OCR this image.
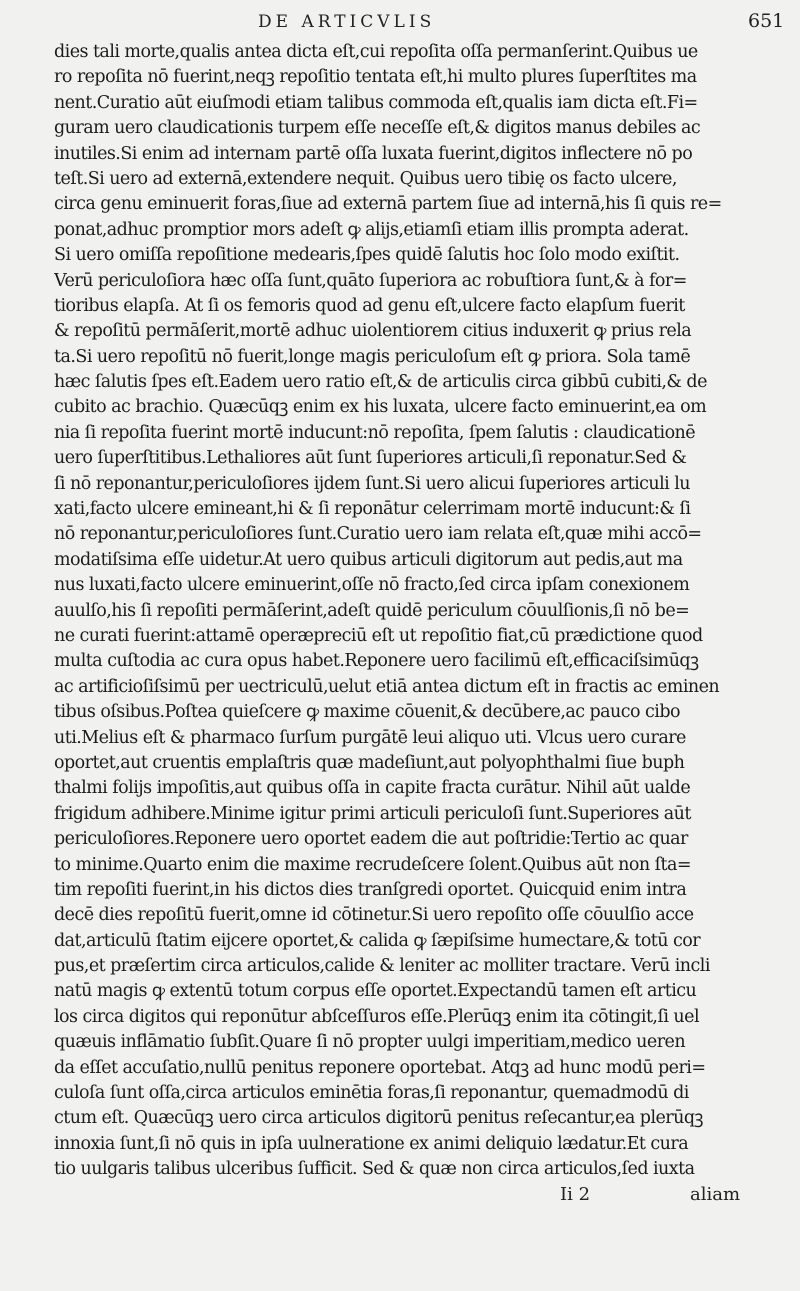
DE ARTICVLIS	651
dies tali morte,qualis antea dicta eſt,cui repoſita oſſa permanſerint.Quibus ue
ro repoſita nō fuerint,neqꝫ repoſitio tentata eſt,hi multo plures ſuperſtites ma
nent.Curatio aūt eiuſmodi etiam talibus commoda eſt,qualis iam dicta eſt.Fi=
guram uero claudicationis turpem eſſe neceſſe eſt,& digitos manus debiles ac
inutiles.Si enim ad internam partē oſſa luxata fuerint,digitos inflectere nō po
teſt.Si uero ad externā,extendere nequit. Quibus uero tibię os facto ulcere,
circa genu eminuerit foras,ſiue ad externā partem ſiue ad internā,his ſi quis re=
ponat,adhuc promptior mors adeſt ꝙ alijs,etiamſi etiam illis prompta aderat.
Si uero omiſſa repoſitione medearis,ſpes quidē ſalutis hoc ſolo modo exiſtit.
Verū periculoſiora hæc oſſa ſunt,quāto ſuperiora ac robuſtiora ſunt,& à for=
tioribus elapſa. At ſi os femoris quod ad genu eſt,ulcere facto elapſum fuerit
& repoſitū permāſerit,mortē adhuc uiolentiorem citius induxerit ꝙ prius rela
ta.Si uero repoſitū nō fuerit,longe magis periculoſum eſt ꝙ priora. Sola tamē
hæc ſalutis ſpes eſt.Eadem uero ratio eſt,& de articulis circa gibbū cubiti,& de
cubito ac brachio. Quæcūqꝫ enim ex his luxata, ulcere facto eminuerint,ea om
nia ſi repoſita fuerint mortē inducunt:nō repoſita, ſpem ſalutis : claudicationē
uero ſuperſtitibus.Lethaliores aūt ſunt ſuperiores articuli,ſi reponatur.Sed &
ſi nō reponantur,periculoſiores ijdem ſunt.Si uero alicui ſuperiores articuli lu
xati,facto ulcere emineant,hi & ſi reponātur celerrimam mortē inducunt:& ſi
nō reponantur,periculoſiores ſunt.Curatio uero iam relata eſt,quæ mihi accō=
modatiſsima eſſe uidetur.At uero quibus articuli digitorum aut pedis,aut ma
nus luxati,facto ulcere eminuerint,oſſe nō fracto,ſed circa ipſam conexionem
auulſo,his ſi repoſiti permāſerint,adeſt quidē periculum cōuulſionis,ſi nō be=
ne curati fuerint:attamē operæpreciū eſt ut repoſitio fiat,cū prædictione quod
multa cuſtodia ac cura opus habet.Reponere uero facilimū eſt,efficaciſsimūqꝫ
ac artificioſiſsimū per uectriculū,uelut etiā antea dictum eſt in fractis ac eminen
tibus oſsibus.Poſtea quieſcere ꝙ maxime cōuenit,& decūbere,ac pauco cibo
uti.Melius eſt & pharmaco ſurſum purgātē leui aliquo uti. Vlcus uero curare
oportet,aut cruentis emplaſtris quæ madeſiunt,aut polyophthalmi ſiue buph
thalmi folijs impoſitis,aut quibus oſſa in capite fracta curātur. Nihil aūt ualde
frigidum adhibere.Minime igitur primi articuli periculoſi ſunt.Superiores aūt
periculoſiores.Reponere uero oportet eadem die aut poſtridie:Tertio ac quar
to minime.Quarto enim die maxime recrudeſcere ſolent.Quibus aūt non ſta=
tim repoſiti fuerint,in his dictos dies tranſgredi oportet. Quicquid enim intra
decē dies repoſitū fuerit,omne id cōtinetur.Si uero repoſito oſſe cōuulſio acce
dat,articulū ſtatim eijcere oportet,& calida ꝙ ſæpiſsime humectare,& totū cor
pus,et præſertim circa articulos,calide & leniter ac molliter tractare. Verū incli
natū magis ꝙ extentū totum corpus eſſe oportet.Expectandū tamen eſt articu
los circa digitos qui reponūtur abſceſſuros eſſe.Plerūqꝫ enim ita cōtingit,ſi uel
quæuis inflāmatio ſubſit.Quare ſi nō propter uulgi imperitiam,medico ueren
da eſſet accuſatio,nullū penitus reponere oportebat. Atqꝫ ad hunc modū peri=
culoſa ſunt oſſa,circa articulos eminētia foras,ſi reponantur, quemadmodū di
ctum eſt. Quæcūqꝫ uero circa articulos digitorū penitus reſecantur,ea plerūqꝫ
innoxia ſunt,ſi nō quis in ipſa uulneratione ex animi deliquio lædatur.Et cura
tio uulgaris talibus ulceribus ſufficit. Sed & quæ non circa articulos,ſed iuxta
Ii 2	aliam
